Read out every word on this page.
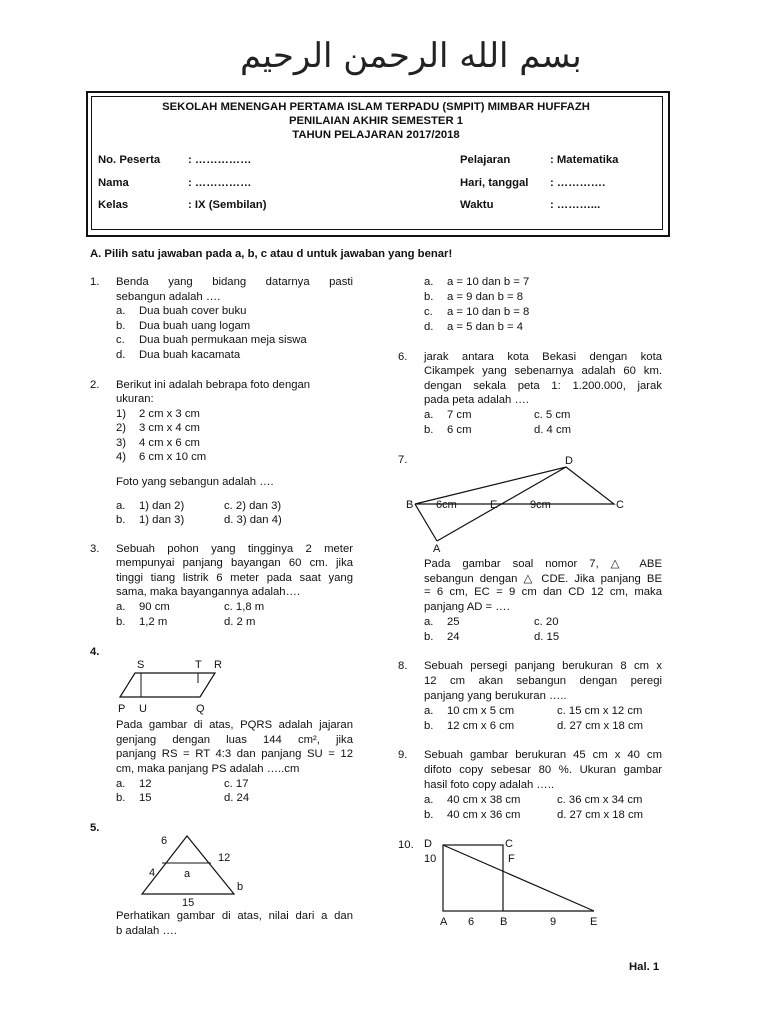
بسم الله الرحمن الرحيم
SEKOLAH MENENGAH PERTAMA ISLAM TERPADU (SMPIT) MIMBAR HUFFAZH
PENILAIAN AKHIR SEMESTER 1
TAHUN PELAJARAN 2017/2018
No. Peserta : ……………
Nama	: ……………
Kelas	: IX (Sembilan)
Pelajaran	: Matematika
Hari, tanggal : ………….
Waktu	: ………...
A. Pilih satu jawaban pada a, b, c atau d untuk jawaban yang benar!
1. Benda yang bidang datarnya pasti
sebangun adalah ….
a. Dua buah cover buku
b. Dua buah uang logam
c. Dua buah permukaan meja siswa
d. Dua buah kacamata
2. Berikut ini adalah bebrapa foto dengan
ukuran:
1) 2 cm x 3 cm
2) 3 cm x 4 cm
3) 4 cm x 6 cm
4) 6 cm x 10 cm
Foto yang sebangun adalah ….
a. 1) dan 2)	c. 2) dan 3)
b. 1) dan 3)	d. 3) dan 4)
3. Sebuah pohon yang tingginya 2 meter
mempunyai panjang bayangan 60 cm. jika
tinggi tiang listrik 6 meter pada saat yang
sama, maka bayangannya adalah….
a. 90 cm	c. 1,8 m
b. 1,2 m	d. 2 m
4.
S	T R
P U	Q
Pada gambar di atas, PQRS adalah jajaran
genjang dengan luas 144 cm², jika
panjang RS = RT 4:3 dan panjang SU = 12
cm, maka panjang PS adalah …..cm
a. 12	c. 17
b. 15	d. 24
5.
6
12
4	a
b
15
Perhatikan gambar di atas, nilai dari a dan
b adalah ….
a. a = 10 dan b = 7
b. a = 9 dan b = 8
c. a = 10 dan b = 8
d. a = 5 dan b = 4
6. jarak antara kota Bekasi dengan kota
Cikampek yang sebenarnya adalah 60 km.
dengan sekala peta 1: 1.200.000, jarak
pada peta adalah ….
a. 7 cm	c. 5 cm
b. 6 cm	d. 4 cm
7.	D
B 6cm	E	9cm	C
A
Pada gambar soal nomor 7, △ ABE
sebangun dengan △ CDE. Jika panjang BE
= 6 cm, EC = 9 cm dan CD 12 cm, maka
panjang AD = ….
a. 25	c. 20
b. 24	d. 15
8. Sebuah persegi panjang berukuran 8 cm x
12 cm akan sebangun dengan peregi
panjang yang berukuran …..
a. 10 cm x 5 cm	c. 15 cm x 12 cm
b. 12 cm x 6 cm	d. 27 cm x 18 cm
9. Sebuah gambar berukuran 45 cm x 40 cm
difoto copy sebesar 80 %. Ukuran gambar
hasil foto copy adalah …..
a. 40 cm x 38 cm	c. 36 cm x 34 cm
b. 40 cm x 36 cm	d. 27 cm x 18 cm
10. D	C
10	F
A 6 B	9	E
Hal. 1
